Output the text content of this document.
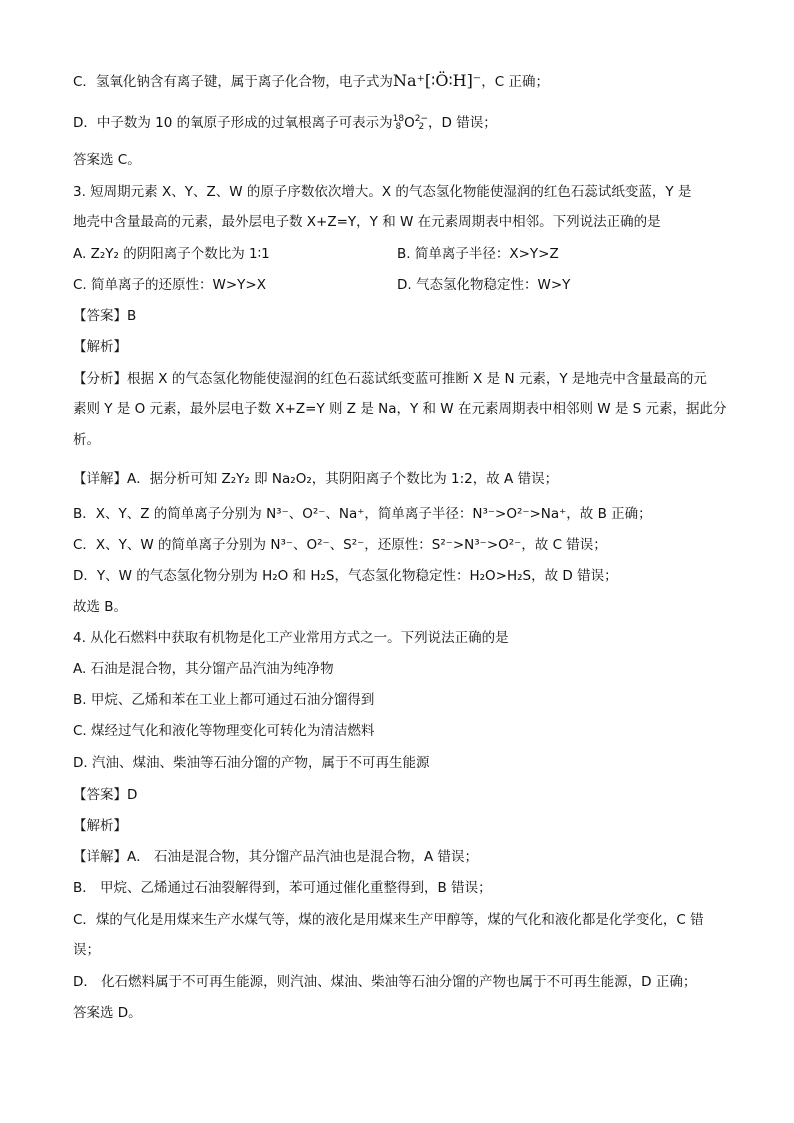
C．氢氧化钠含有离子键，属于离子化合物，电子式为Na⁺[∶Ö∶H]⁻，C 正确；
D．中子数为 10 的氧原子形成的过氧根离子可表示为 18
8 O 2−
2 ，D 错误；
答案选 C。
3. 短周期元素 X、Y、Z、W 的原子序数依次增大。X 的气态氢化物能使湿润的红色石蕊试纸变蓝，Y 是
地壳中含量最高的元素，最外层电子数 X+Z=Y，Y 和 W 在元素周期表中相邻。下列说法正确的是
A. Z₂Y₂ 的阴阳离子个数比为 1∶1	B. 简单离子半径：X>Y>Z
C. 简单离子的还原性：W>Y>X	D. 气态氢化物稳定性：W>Y
【答案】B
【解析】
【分析】根据 X 的气态氢化物能使湿润的红色石蕊试纸变蓝可推断 X 是 N 元素，Y 是地壳中含量最高的元
素则 Y 是 O 元素，最外层电子数 X+Z=Y 则 Z 是 Na，Y 和 W 在元素周期表中相邻则 W 是 S 元素，据此分
析。
【详解】A．据分析可知 Z₂Y₂ 即 Na₂O₂，其阴阳离子个数比为 1:2，故 A 错误；
B．X、Y、Z 的简单离子分别为 N³⁻、O²⁻、Na⁺，简单离子半径：N³⁻>O²⁻>Na⁺，故 B 正确；
C．X、Y、W 的简单离子分别为 N³⁻、O²⁻、S²⁻，还原性：S²⁻>N³⁻>O²⁻，故 C 错误；
D．Y、W 的气态氢化物分别为 H₂O 和 H₂S，气态氢化物稳定性：H₂O>H₂S，故 D 错误；
故选 B。
4. 从化石燃料中获取有机物是化工产业常用方式之一。下列说法正确的是
A. 石油是混合物，其分馏产品汽油为纯净物
B. 甲烷、乙烯和苯在工业上都可通过石油分馏得到
C. 煤经过气化和液化等物理变化可转化为清洁燃料
D. 汽油、煤油、柴油等石油分馏的产物，属于不可再生能源
【答案】D
【解析】
【详解】A． 石油是混合物，其分馏产品汽油也是混合物，A 错误；
B． 甲烷、乙烯通过石油裂解得到，苯可通过催化重整得到，B 错误；
C．煤的气化是用煤来生产水煤气等，煤的液化是用煤来生产甲醇等，煤的气化和液化都是化学变化，C 错
误；
D． 化石燃料属于不可再生能源，则汽油、煤油、柴油等石油分馏的产物也属于不可再生能源，D 正确；
答案选 D。
